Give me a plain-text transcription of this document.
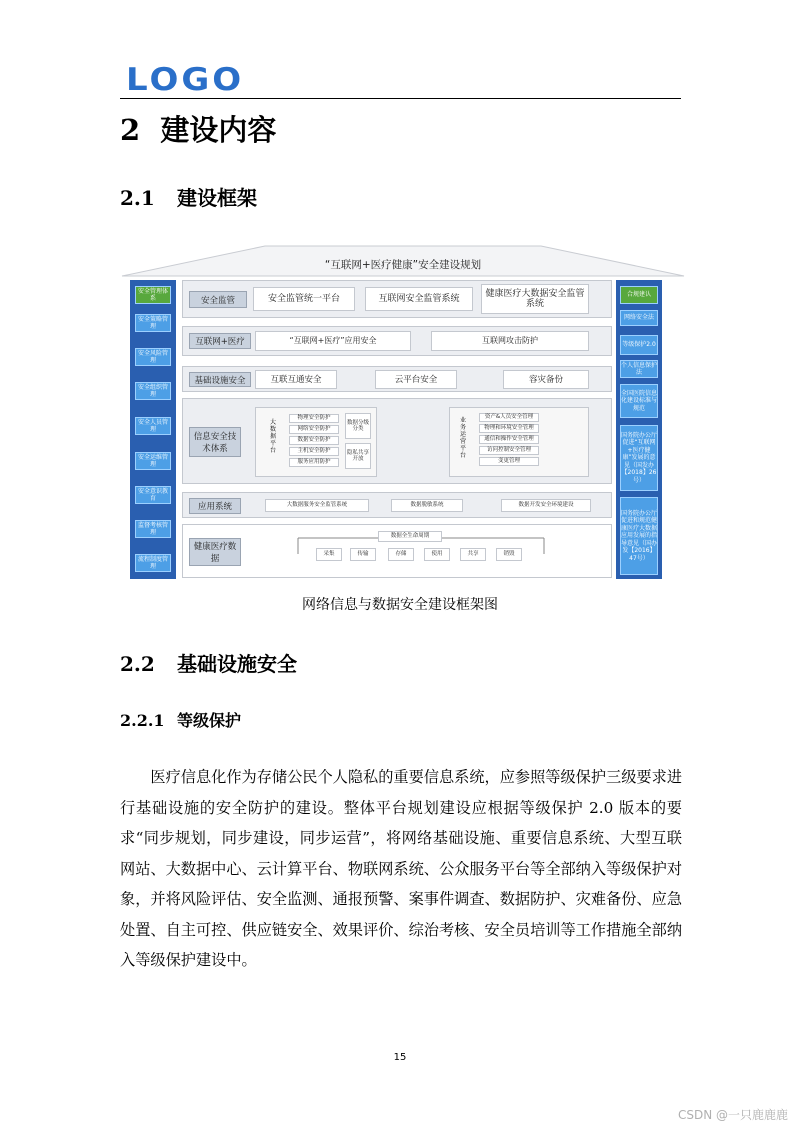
LOGO
2 建设内容
2.1 建设框架
“互联网+医疗健康”安全建设规划
安全管理体系
安全策略管理
安全风险管理
安全组织管理
安全人员管理
安全运维管理
安全意识教育
监督考核管理
流程制度管理
合规建认
网络安全法
等级保护2.0
个人信息保护法
全国医院信息化建设标准与规范
国务院办公厅促进“互联网+医疗健康”发展的意见（国发办【2018】26号）
国务院办公厅促进和规范健康医疗大数据应用发展的指导意见（国办发【2016】47号）
安全监管	安全监管统一平台	互联网安全监管系统	健康医疗大数据安全监管系统
互联网+医疗	“互联网+医疗”应用安全	互联网攻击防护
基础设施安全	互联互通安全	云平台安全	容灾备份
信息安全技术体系
大数据平台
物理安全防护
网络安全防护
数据安全防护
主机安全防护
服务应用防护
数据分级分类
隐私共享开放
业务运营平台
资产&人员安全管理
物理和环境安全管理
通信和操作安全管理
访问控制安全管理
变更管理
应用系统	大数据服务安全监管系统	数据脱敏系统	数据开发安全环境建设
健康医疗数据
数据全生命周期
采集	传输	存储	使用	共享	销毁
网络信息与数据安全建设框架图
2.2 基础设施安全
2.2.1 等级保护
医疗信息化作为存储公民个人隐私的重要信息系统，应参照等级保护三级要求进行基础设施的安全防护的建设。整体平台规划建设应根据等级保护 2.0 版本的要求“同步规划，同步建设，同步运营”，将网络基础设施、重要信息系统、大型互联网站、大数据中心、云计算平台、物联网系统、公众服务平台等全部纳入等级保护对象，并将风险评估、安全监测、通报预警、案事件调查、数据防护、灾难备份、应急处置、自主可控、供应链安全、效果评价、综治考核、安全员培训等工作措施全部纳入等级保护建设中。
15
CSDN @一只鹿鹿鹿
